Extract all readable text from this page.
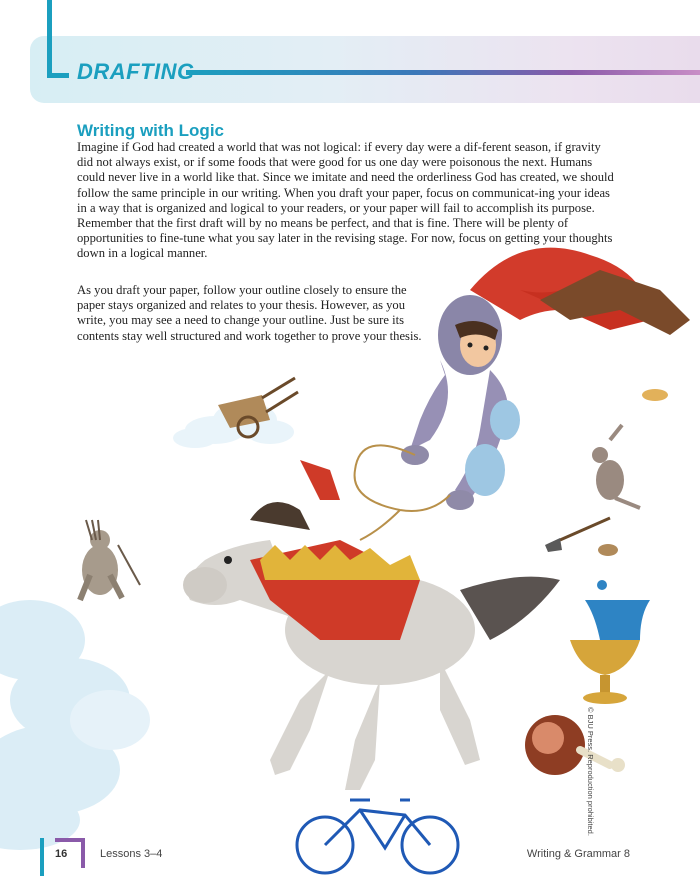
DRAFTING
Writing with Logic

Imagine if God had created a world that was not logical: if every day were a dif-ferent season, if gravity did not always exist, or if some foods that were good for us one day were poisonous the next. Humans could never live in a world like that. Since we imitate and need the orderliness God has created, we should follow the same principle in our writing. When you draft your paper, focus on communicat-ing your ideas in a way that is organized and logical to your readers, or your paper will fail to accomplish its purpose. Remember that the first draft will by no means be perfect, and that is fine. There will be plenty of opportunities to fine-tune what you say later in the revising stage. For now, focus on getting your thoughts down in a logical manner.

As you draft your paper, follow your outline closely to ensure the paper stays organized and relates to your thesis. However, as you write, you may see a need to change your outline. Just be sure its contents stay well structured and work together to prove your thesis.

© BJU Press. Reproduction prohibited.
16	Lessons 3–4	Writing & Grammar 8
